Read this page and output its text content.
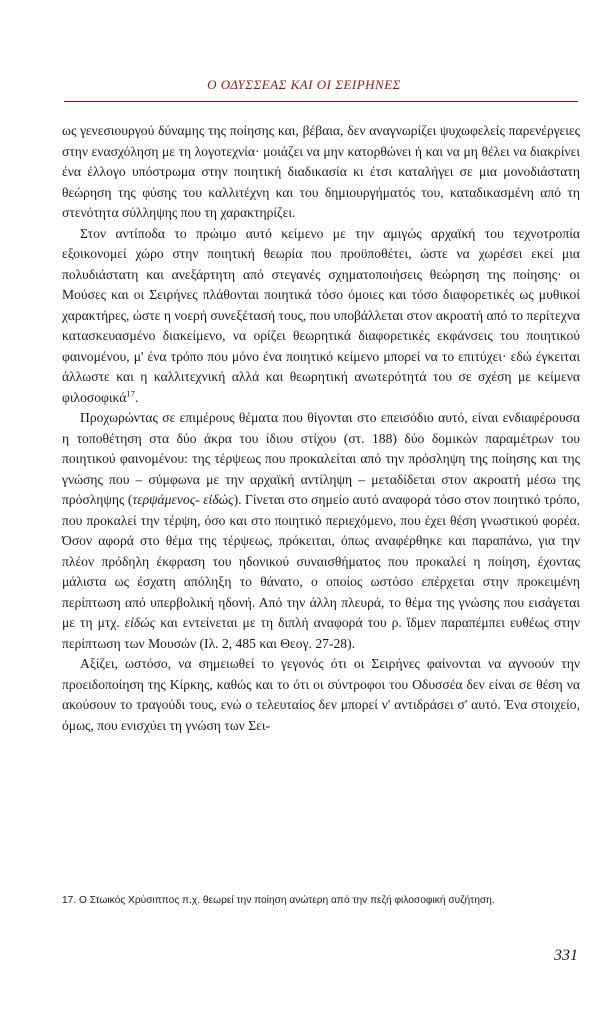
Ο ΟΔΥΣΣΕΑΣ ΚΑΙ ΟΙ ΣΕΙΡΗΝΕΣ

ως γενεσιουργού δύναμης της ποίησης και, βέβαια, δεν αναγνωρίζει ψυχωφελείς παρενέργειες στην ενασχόληση με τη λογοτεχνία· μοιάζει να μην κατορθώνει ή και να μη θέλει να διακρίνει ένα έλλογο υπόστρωμα στην ποιητική διαδικασία κι έτσι καταλήγει σε μια μονοδιάστατη θεώρηση της φύσης του καλλιτέχνη και του δημιουργήματός του, καταδικασμένη από τη στενότητα σύλληψης που τη χαρακτηρίζει.

Στον αντίποδα το πρώιμο αυτό κείμενο με την αμιγώς αρχαϊκή του τεχνοτροπία εξοικονομεί χώρο στην ποιητική θεωρία που προϋποθέτει, ώστε να χωρέσει εκεί μια πολυδιάστατη και ανεξάρτητη από στεγανές σχηματοποιήσεις θεώρηση της ποίησης· οι Μούσες και οι Σειρήνες πλάθονται ποιητικά τόσο όμοιες και τόσο διαφορετικές ως μυθικοί χαρακτήρες, ώστε η νοερή συνεξέτασή τους, που υποβάλλεται στον ακροατή από το περίτεχνα κατασκευασμένο διακείμενο, να ορίζει θεωρητικά διαφορετικές εκφάνσεις του ποιητικού φαινομένου, μ' ένα τρόπο που μόνο ένα ποιητικό κείμενο μπορεί να το επιτύχει· εδώ έγκειται άλλωστε και η καλλιτεχνική αλλά και θεωρητική ανωτερότητά του σε σχέση με κείμενα φιλοσοφικά$^{17}$.

Προχωρώντας σε επιμέρους θέματα που θίγονται στο επεισόδιο αυτό, είναι ενδιαφέρουσα η τοποθέτηση στα δύο άκρα του ίδιου στίχου (στ. 188) δύο δομικών παραμέτρων του ποιητικού φαινομένου: της τέρψεως που προκαλείται από την πρόσληψη της ποίησης και της γνώσης που – σύμφωνα με την αρχαϊκή αντίληψη – μεταδίδεται στον ακροατή μέσω της πρόσληψης (τερψάμενος- εἰδώς). Γίνεται στο σημείο αυτό αναφορά τόσο στον ποιητικό τρόπο, που προκαλεί την τέρψη, όσο και στο ποιητικό περιεχόμενο, που έχει θέση γνωστικού φορέα. Όσον αφορά στο θέμα της τέρψεως, πρόκειται, όπως αναφέρθηκε και παραπάνω, για την πλέον πρόδηλη έκφραση του ηδονικού συναισθήματος που προκαλεί η ποίηση, έχοντας μάλιστα ως έσχατη απόληξη το θάνατο, ο οποίος ωστόσο επέρχεται στην προκειμένη περίπτωση από υπερβολική ηδονή. Από την άλλη πλευρά, το θέμα της γνώσης που εισάγεται με τη μτχ. εἰδώς και εντείνεται με τη διπλή αναφορά του ρ. ἴδμεν παραπέμπει ευθέως στην περίπτωση των Μουσών (Ιλ. 2, 485 και Θεογ. 27-28).

Αξίζει, ωστόσο, να σημειωθεί το γεγονός ότι οι Σειρήνες φαίνονται να αγνοούν την προειδοποίηση της Κίρκης, καθώς και το ότι οι σύντροφοι του Οδυσσέα δεν είναι σε θέση να ακούσουν το τραγούδι τους, ενώ ο τελευταίος δεν μπορεί ν' αντιδράσει σ' αυτό. Ένα στοιχείο, όμως, που ενισχύει τη γνώση των Σει-

17. Ο Στωικός Χρύσιππος π.χ. θεωρεί την ποίηση ανώτερη από την πεζή φιλοσοφική συζήτηση.
331
